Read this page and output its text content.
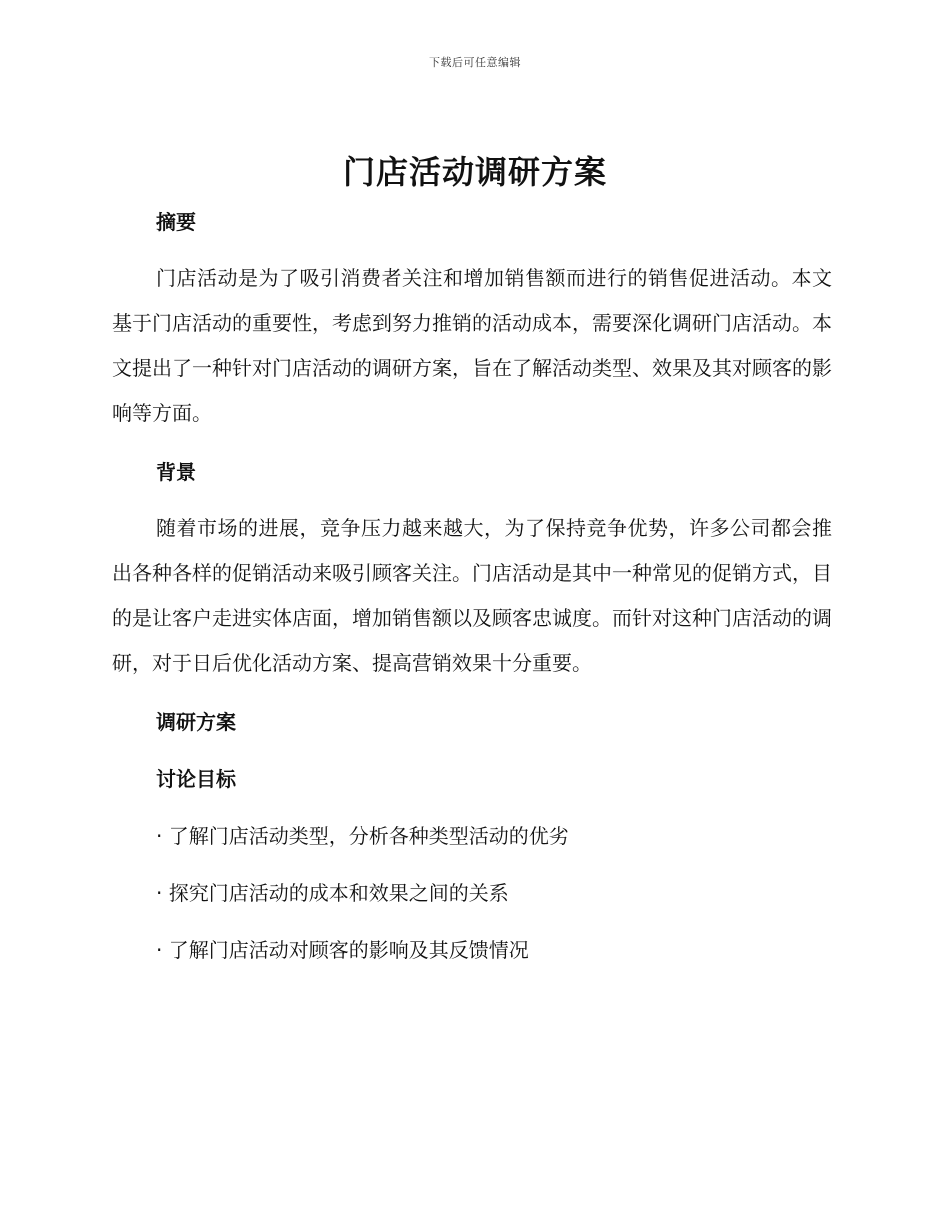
下载后可任意编辑
门店活动调研方案
摘要

门店活动是为了吸引消费者关注和增加销售额而进行的销售促进活动。本文基于门店活动的重要性，考虑到努力推销的活动成本，需要深化调研门店活动。本文提出了一种针对门店活动的调研方案，旨在了解活动类型、效果及其对顾客的影响等方面。

背景

随着市场的进展，竞争压力越来越大，为了保持竞争优势，许多公司都会推出各种各样的促销活动来吸引顾客关注。门店活动是其中一种常见的促销方式，目的是让客户走进实体店面，增加销售额以及顾客忠诚度。而针对这种门店活动的调研，对于日后优化活动方案、提高营销效果十分重要。

调研方案
讨论目标
· 了解门店活动类型，分析各种类型活动的优劣
· 探究门店活动的成本和效果之间的关系
· 了解门店活动对顾客的影响及其反馈情况
